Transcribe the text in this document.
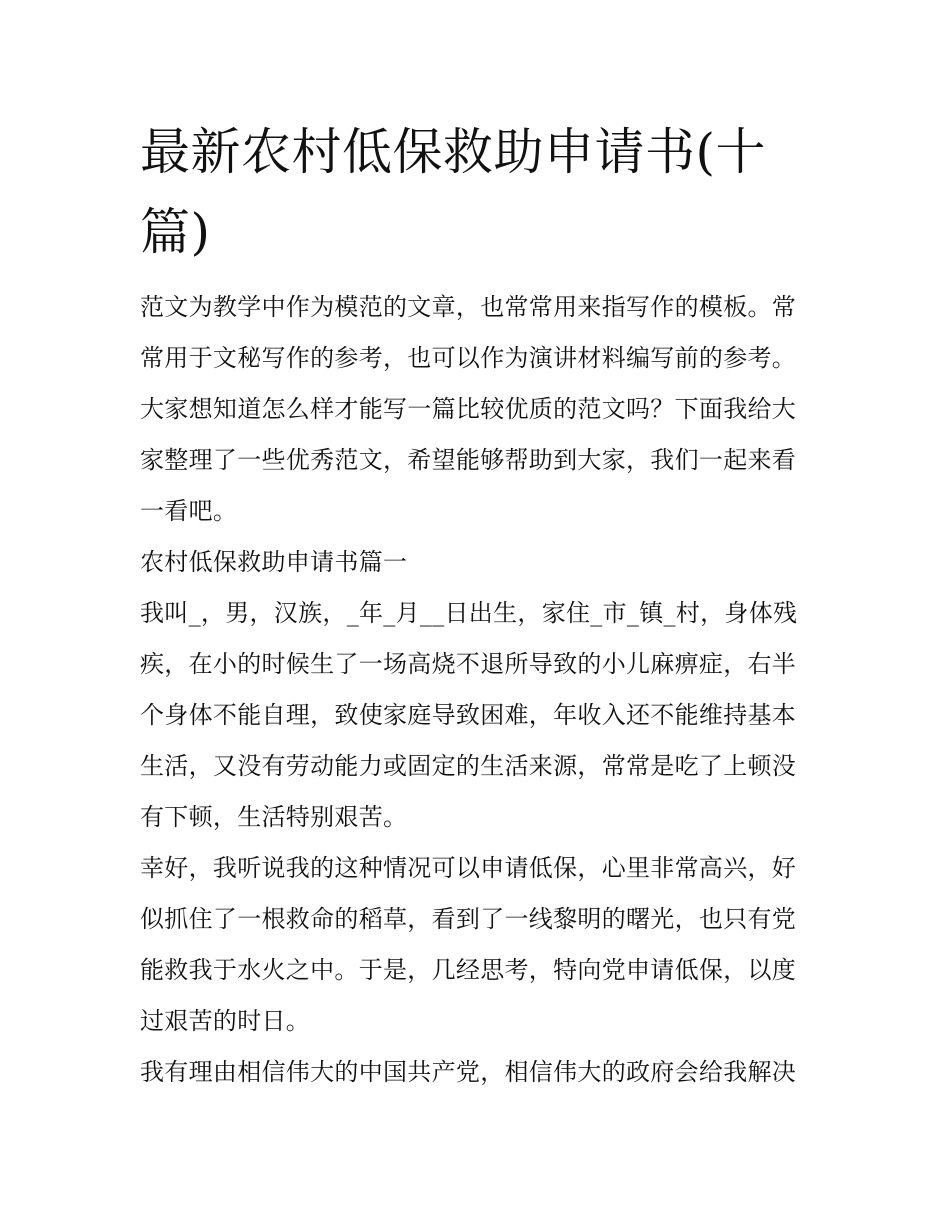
最新农村低保救助申请书(十篇)

范文为教学中作为模范的文章，也常常用来指写作的模板。常常用于文秘写作的参考，也可以作为演讲材料编写前的参考。大家想知道怎么样才能写一篇比较优质的范文吗？下面我给大家整理了一些优秀范文，希望能够帮助到大家，我们一起来看一看吧。

农村低保救助申请书篇一

我叫_，男，汉族，_年_月__日出生，家住_市_镇_村，身体残疾，在小的时候生了一场高烧不退所导致的小儿麻痹症，右半个身体不能自理，致使家庭导致困难，年收入还不能维持基本生活，又没有劳动能力或固定的生活来源，常常是吃了上顿没有下顿，生活特别艰苦。

幸好，我听说我的这种情况可以申请低保，心里非常高兴，好似抓住了一根救命的稻草，看到了一线黎明的曙光，也只有党能救我于水火之中。于是，几经思考，特向党申请低保，以度过艰苦的时日。

我有理由相信伟大的中国共产党，相信伟大的政府会给我解决
